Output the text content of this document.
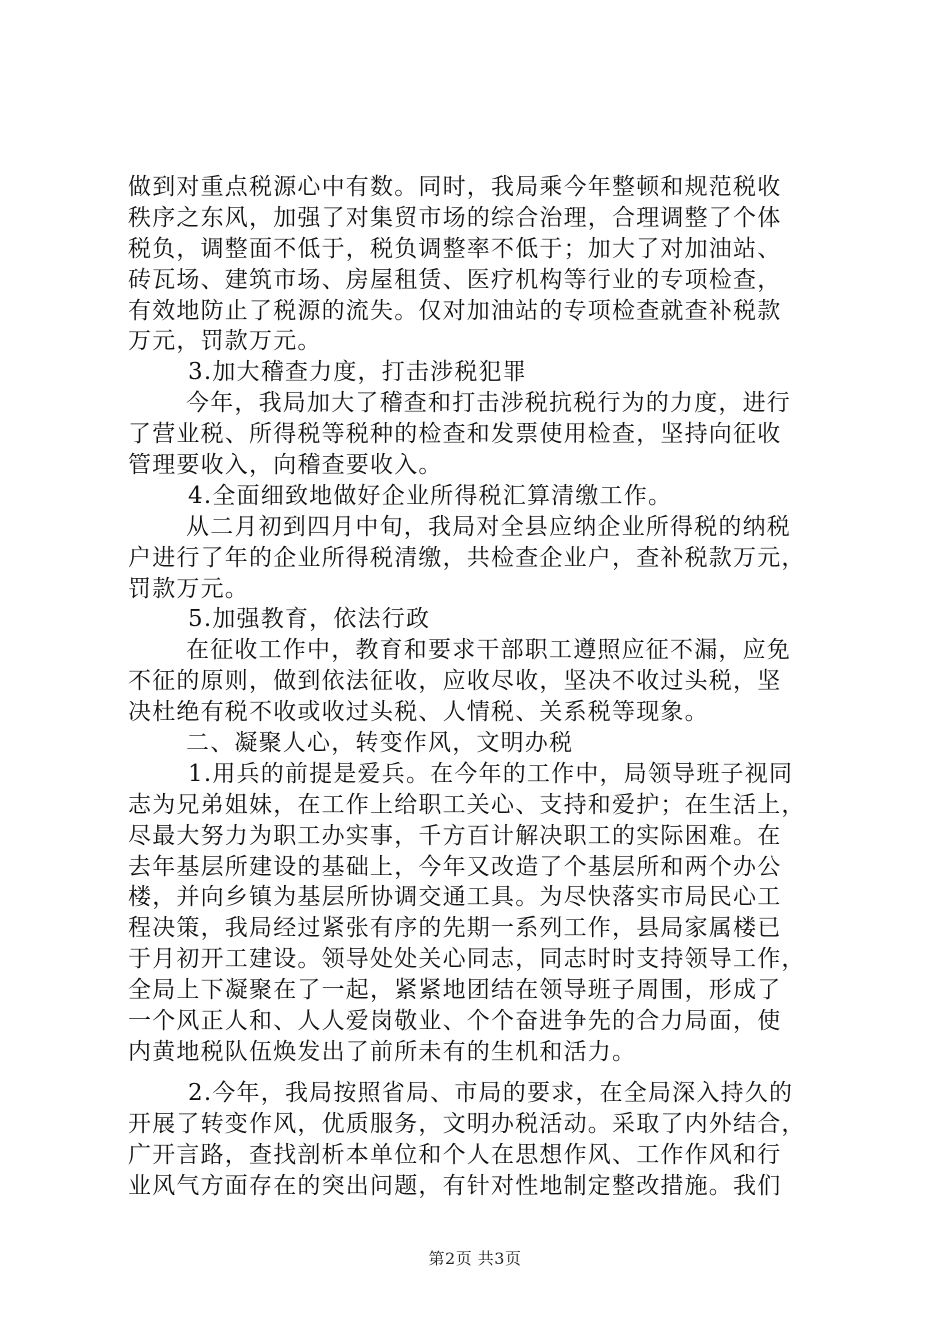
做到对重点税源心中有数。同时，我局乘今年整顿和规范税收
秩序之东风，加强了对集贸市场的综合治理，合理调整了个体
税负，调整面不低于，税负调整率不低于；加大了对加油站、
砖瓦场、建筑市场、房屋租赁、医疗机构等行业的专项检查，
有效地防止了税源的流失。仅对加油站的专项检查就查补税款
万元，罚款万元。
3.加大稽查力度，打击涉税犯罪
今年，我局加大了稽查和打击涉税抗税行为的力度，进行
了营业税、所得税等税种的检查和发票使用检查，坚持向征收
管理要收入，向稽查要收入。
4.全面细致地做好企业所得税汇算清缴工作。
从二月初到四月中旬，我局对全县应纳企业所得税的纳税
户进行了年的企业所得税清缴，共检查企业户，查补税款万元，
罚款万元。
5.加强教育，依法行政
在征收工作中，教育和要求干部职工遵照应征不漏，应免
不征的原则，做到依法征收，应收尽收，坚决不收过头税，坚
决杜绝有税不收或收过头税、人情税、关系税等现象。
二、凝聚人心，转变作风，文明办税
1.用兵的前提是爱兵。在今年的工作中，局领导班子视同
志为兄弟姐妹，在工作上给职工关心、支持和爱护；在生活上，
尽最大努力为职工办实事，千方百计解决职工的实际困难。在
去年基层所建设的基础上，今年又改造了个基层所和两个办公
楼，并向乡镇为基层所协调交通工具。为尽快落实市局民心工
程决策，我局经过紧张有序的先期一系列工作，县局家属楼已
于月初开工建设。领导处处关心同志，同志时时支持领导工作，
全局上下凝聚在了一起，紧紧地团结在领导班子周围，形成了
一个风正人和、人人爱岗敬业、个个奋进争先的合力局面，使
内黄地税队伍焕发出了前所未有的生机和活力。
2.今年，我局按照省局、市局的要求，在全局深入持久的
开展了转变作风，优质服务，文明办税活动。采取了内外结合，
广开言路，查找剖析本单位和个人在思想作风、工作作风和行
业风气方面存在的突出问题，有针对性地制定整改措施。我们
第2页 共3页
